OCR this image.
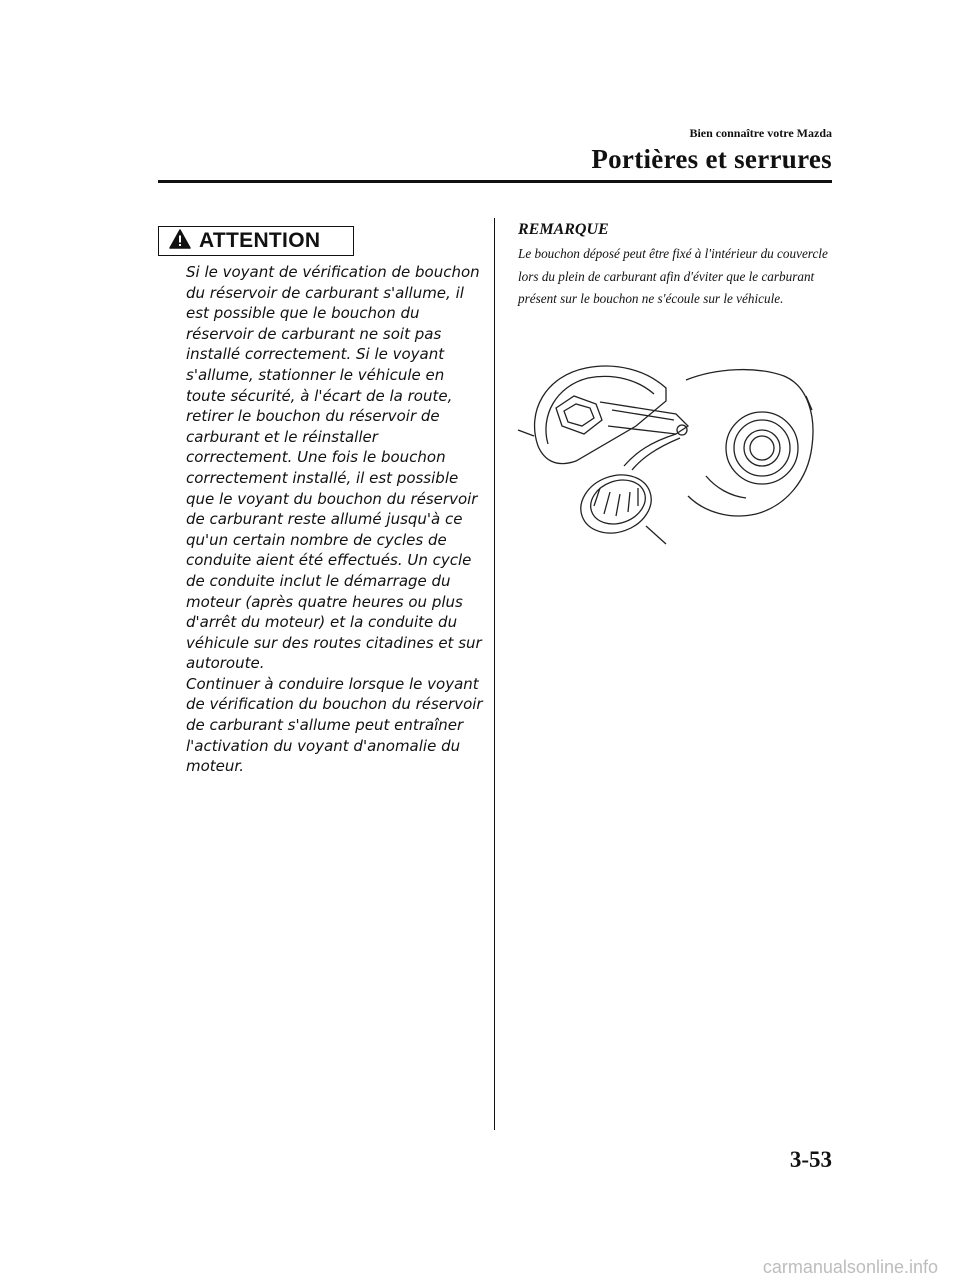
Bien connaître votre Mazda
Portières et serrures
ATTENTION

Si le voyant de vérification de bouchon du réservoir de carburant s'allume, il est possible que le bouchon du réservoir de carburant ne soit pas installé correctement. Si le voyant s'allume, stationner le véhicule en toute sécurité, à l'écart de la route, retirer le bouchon du réservoir de carburant et le réinstaller correctement. Une fois le bouchon correctement installé, il est possible que le voyant du bouchon du réservoir de carburant reste allumé jusqu'à ce qu'un certain nombre de cycles de conduite aient été effectués. Un cycle de conduite inclut le démarrage du moteur (après quatre heures ou plus d'arrêt du moteur) et la conduite du véhicule sur des routes citadines et sur autoroute.
Continuer à conduire lorsque le voyant de vérification du bouchon du réservoir de carburant s'allume peut entraîner l'activation du voyant d'anomalie du moteur.

REMARQUE

Le bouchon déposé peut être fixé à l'intérieur du couvercle lors du plein de carburant afin d'éviter que le carburant présent sur le bouchon ne s'écoule sur le véhicule.

3-53
carmanualsonline.info
